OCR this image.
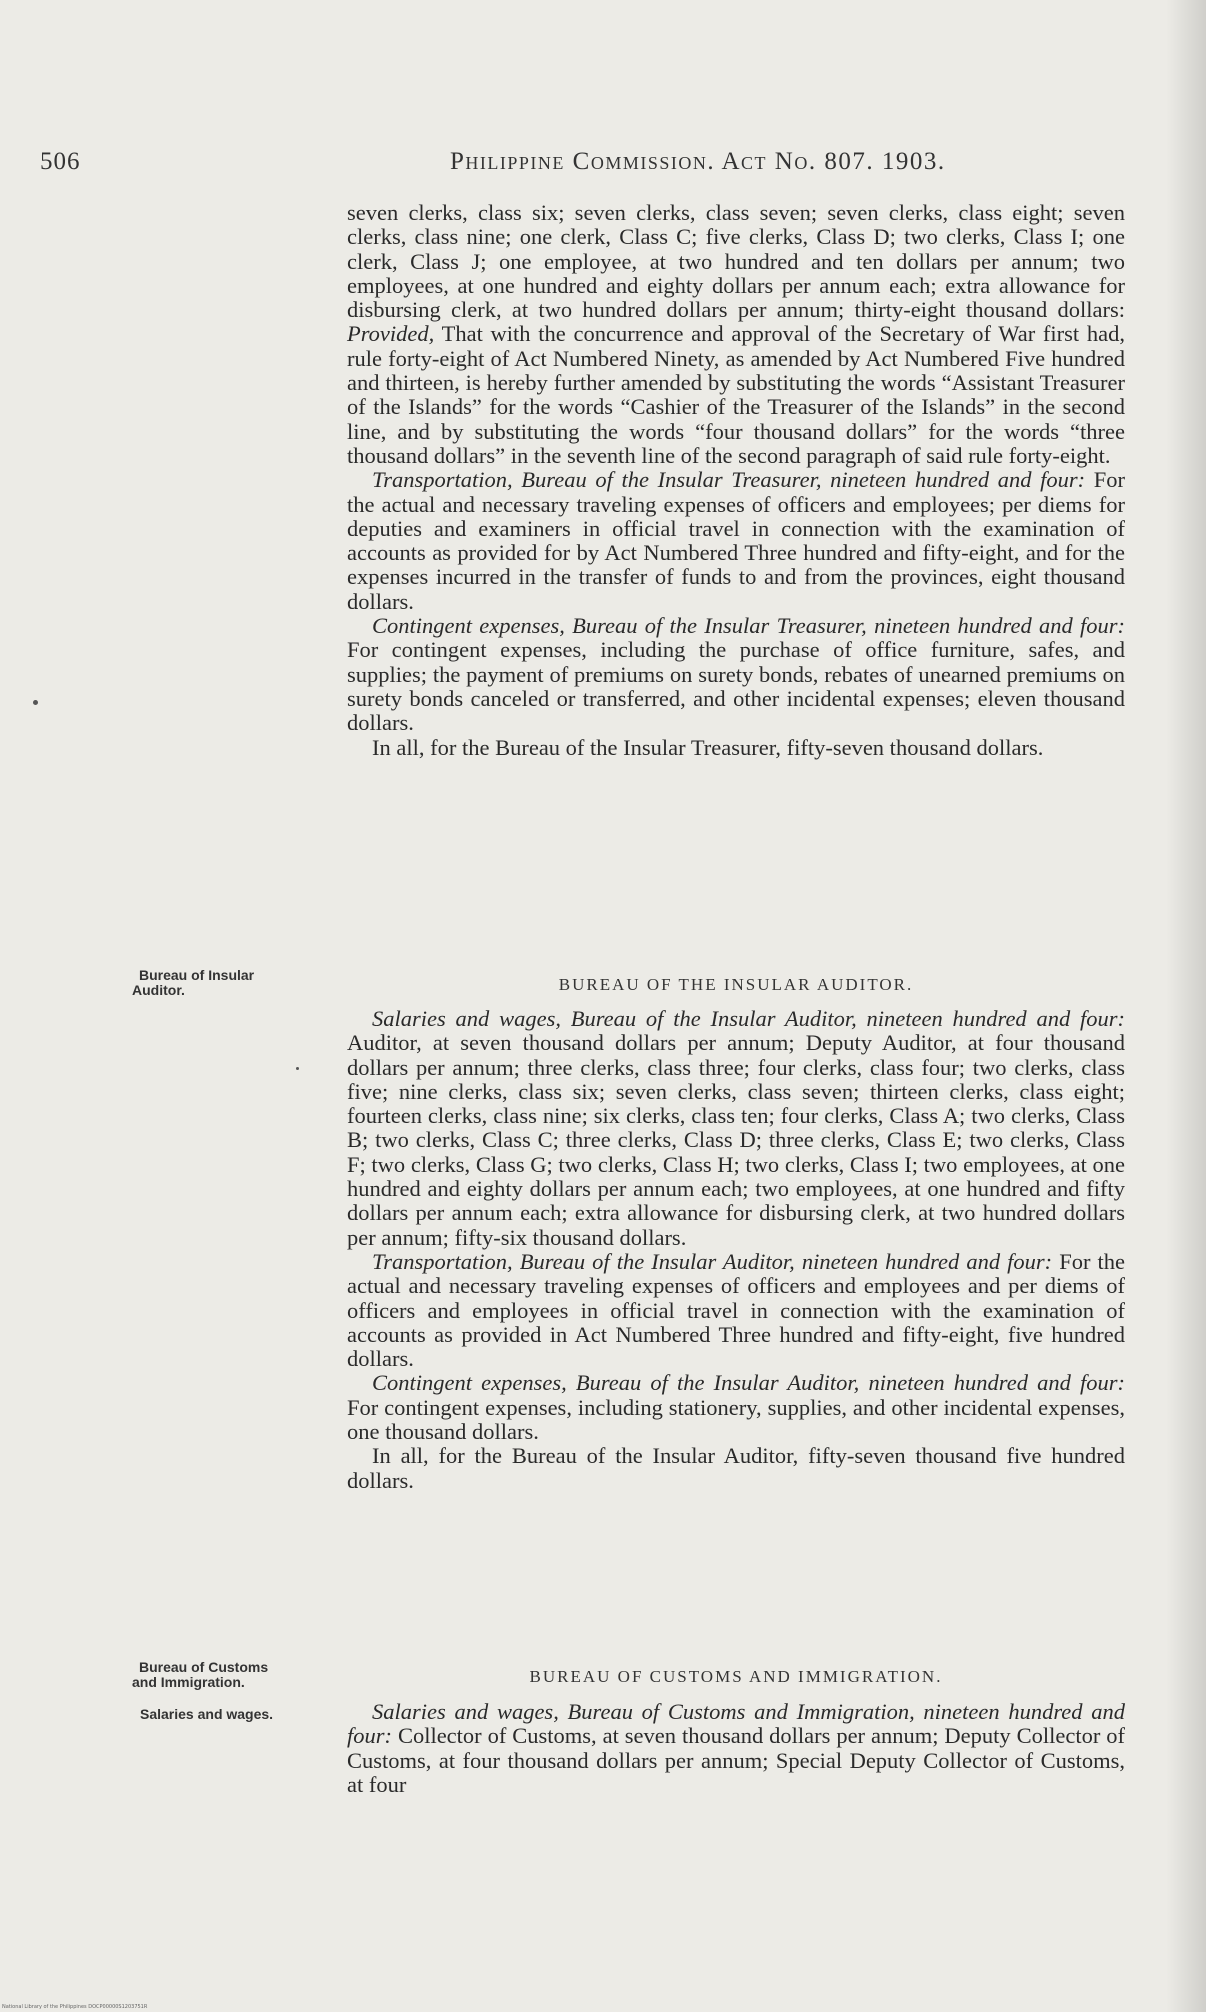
506	Philippine Commission. Act No. 807. 1903.

seven clerks, class six; seven clerks, class seven; seven clerks, class eight; seven clerks, class nine; one clerk, Class C; five clerks, Class D; two clerks, Class I; one clerk, Class J; one employee, at two hundred and ten dollars per annum; two employees, at one hundred and eighty dollars per annum each; extra allowance for disbursing clerk, at two hundred dollars per annum; thirty-eight thousand dollars: Provided, That with the concurrence and approval of the Secretary of War first had, rule forty-eight of Act Numbered Ninety, as amended by Act Numbered Five hundred and thirteen, is hereby further amended by substituting the words “Assistant Treasurer of the Islands” for the words “Cashier of the Treasurer of the Islands” in the second line, and by substituting the words “four thousand dollars” for the words “three thousand dollars” in the seventh line of the second paragraph of said rule forty-eight.

Transportation, Bureau of the Insular Treasurer, nineteen hundred and four: For the actual and necessary traveling expenses of officers and employees; per diems for deputies and examiners in official travel in connection with the examination of accounts as provided for by Act Numbered Three hundred and fifty-eight, and for the expenses incurred in the transfer of funds to and from the provinces, eight thousand dollars.

Contingent expenses, Bureau of the Insular Treasurer, nineteen hundred and four: For contingent expenses, including the purchase of office furniture, safes, and supplies; the payment of premiums on surety bonds, rebates of unearned premiums on surety bonds canceled or transferred, and other incidental expenses; eleven thousand dollars.

In all, for the Bureau of the Insular Treasurer, fifty-seven thousand dollars.

Bureau of Insular
Auditor.	BUREAU OF THE INSULAR AUDITOR.

Salaries and wages, Bureau of the Insular Auditor, nineteen hundred and four: Auditor, at seven thousand dollars per annum; Deputy Auditor, at four thousand dollars per annum; three clerks, class three; four clerks, class four; two clerks, class five; nine clerks, class six; seven clerks, class seven; thirteen clerks, class eight; fourteen clerks, class nine; six clerks, class ten; four clerks, Class A; two clerks, Class B; two clerks, Class C; three clerks, Class D; three clerks, Class E; two clerks, Class F; two clerks, Class G; two clerks, Class H; two clerks, Class I; two employees, at one hundred and eighty dollars per annum each; two employees, at one hundred and fifty dollars per annum each; extra allowance for disbursing clerk, at two hundred dollars per annum; fifty-six thousand dollars.

Transportation, Bureau of the Insular Auditor, nineteen hundred and four: For the actual and necessary traveling expenses of officers and employees and per diems of officers and employees in official travel in connection with the examination of accounts as provided in Act Numbered Three hundred and fifty-eight, five hundred dollars.

Contingent expenses, Bureau of the Insular Auditor, nineteen hundred and four: For contingent expenses, including stationery, supplies, and other incidental expenses, one thousand dollars.

In all, for the Bureau of the Insular Auditor, fifty-seven thousand five hundred dollars.

Bureau of Customs
and Immigration.	BUREAU OF CUSTOMS AND IMMIGRATION.
Salaries and wages.	Salaries and wages, Bureau of Customs and Immigration, nineteen hundred and four: Collector of Customs, at seven thousand dollars per annum; Deputy Collector of Customs, at four thousand dollars per annum; Special Deputy Collector of Customs, at four

National Library of the Philippines DOCP00000S1203751R
